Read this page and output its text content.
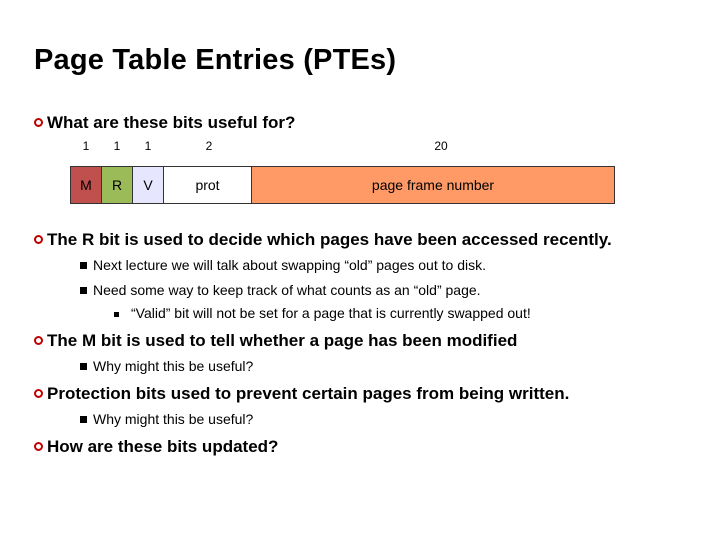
Page Table Entries (PTEs)
What are these bits useful for?
1	1	1	2	20
M	R	V	prot	page frame number
The R bit is used to decide which pages have been accessed recently.
Next lecture we will talk about swapping “old” pages out to disk.
Need some way to keep track of what counts as an “old” page.
“Valid” bit will not be set for a page that is currently swapped out!
The M bit is used to tell whether a page has been modified
Why might this be useful?
Protection bits used to prevent certain pages from being written.
Why might this be useful?
How are these bits updated?
